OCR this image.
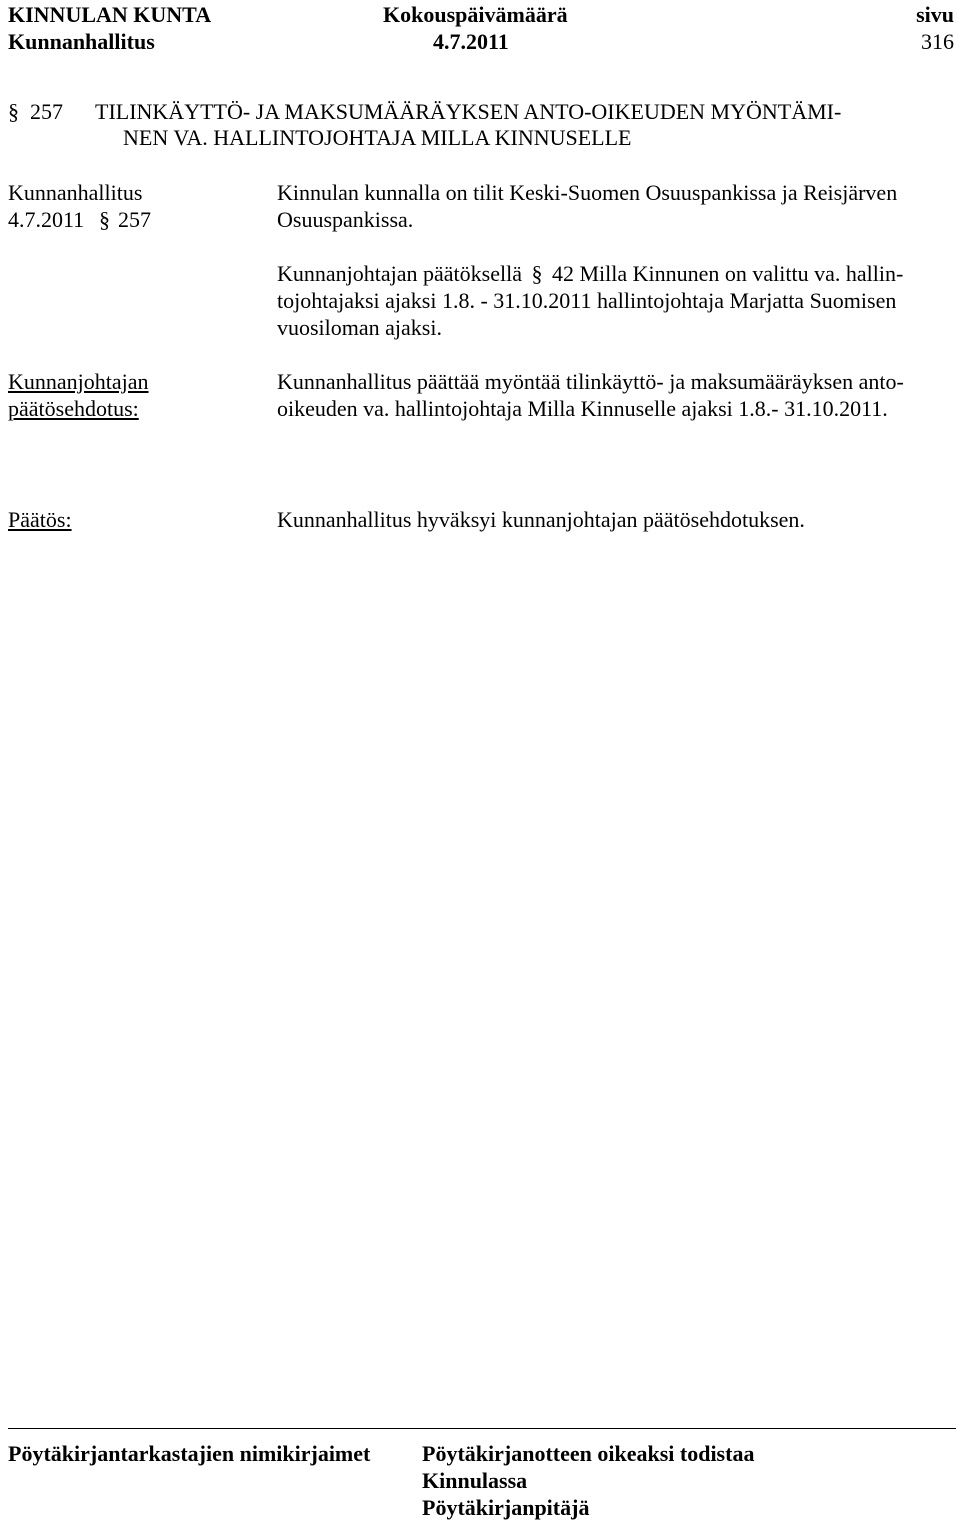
KINNULAN KUNTA
Kunnanhallitus
Kokouspäivämäärä
4.7.2011
sivu
316
§ 257 TILINKÄYTTÖ- JA MAKSUMÄÄRÄYKSEN ANTO-OIKEUDEN MYÖNTÄMI-
NEN VA. HALLINTOJOHTAJA MILLA KINNUSELLE
Kunnanhallitus
4.7.2011 § 257
Kinnulan kunnalla on tilit Keski-Suomen Osuuspankissa ja Reisjärven
Osuuspankissa.
Kunnanjohtajan päätöksellä § 42 Milla Kinnunen on valittu va. hallin-
tojohtajaksi ajaksi 1.8. - 31.10.2011 hallintojohtaja Marjatta Suomisen
vuosiloman ajaksi.
Kunnanjohtajan
päätösehdotus:
Kunnanhallitus päättää myöntää tilinkäyttö- ja maksumääräyksen anto-
oikeuden va. hallintojohtaja Milla Kinnuselle ajaksi 1.8.- 31.10.2011.
Päätös:	Kunnanhallitus hyväksyi kunnanjohtajan päätösehdotuksen.
Pöytäkirjantarkastajien nimikirjaimet Pöytäkirjanotteen oikeaksi todistaa
Kinnulassa
Pöytäkirjanpitäjä
